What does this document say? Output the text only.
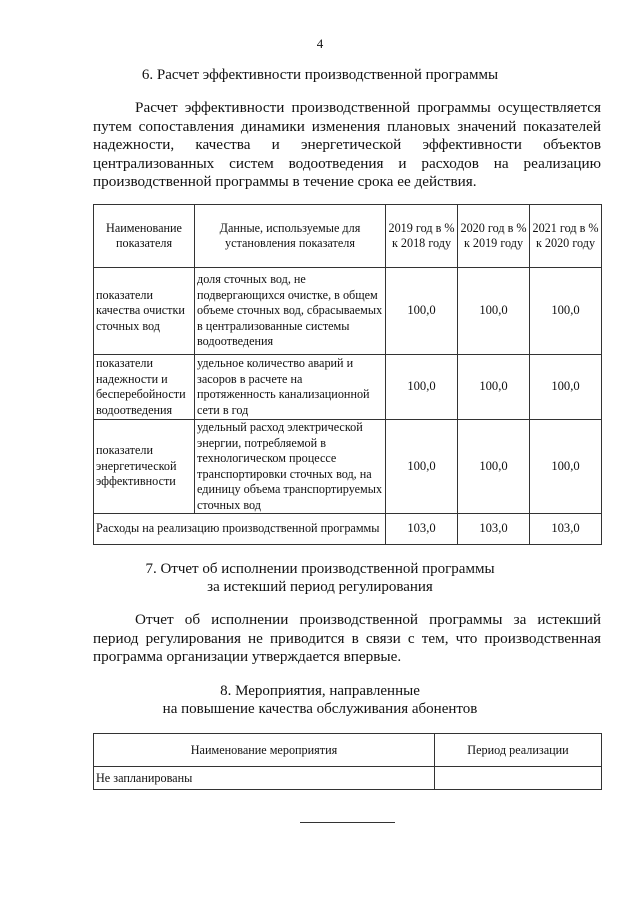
4
6. Расчет эффективности производственной программы
Расчет эффективности производственной программы осуществляется путем сопоставления динамики изменения плановых значений показателей надежности, качества и энергетической эффективности объектов централизованных систем водоотведения и расходов на реализацию производственной программы в течение срока ее действия.
Наименование показателя	Данные, используемые для установления показателя	2019 год в % к 2018 году	2020 год в % к 2019 году	2021 год в % к 2020 году
показатели качества очистки сточных вод	доля сточных вод, не подвергающихся очистке, в общем объеме сточных вод, сбрасываемых в централизованные системы водоотведения	100,0	100,0	100,0
показатели надежности и бесперебойности водоотведения	удельное количество аварий и засоров в расчете на протяженность канализационной сети в год	100,0	100,0	100,0
показатели энергетической эффективности	удельный расход электрической энергии, потребляемой в технологическом процессе транспортировки сточных вод, на единицу объема транспортируемых сточных вод	100,0	100,0	100,0
Расходы на реализацию производственной программы		103,0	103,0	103,0
7. Отчет об исполнении производственной программы
за истекший период регулирования
Отчет об исполнении производственной программы за истекший период регулирования не приводится в связи с тем, что производственная программа организации утверждается впервые.
8. Мероприятия, направленные
на повышение качества обслуживания абонентов
Наименование мероприятия	Период реализации
Не запланированы	
